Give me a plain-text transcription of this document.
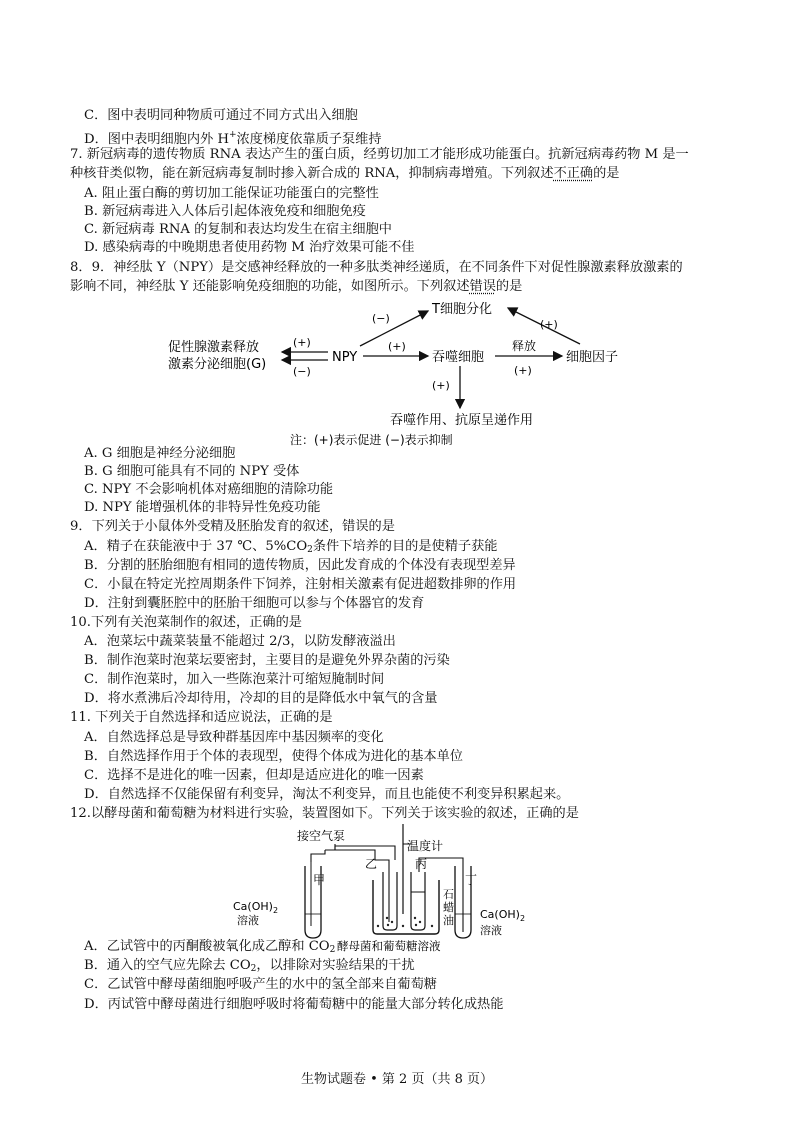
C．图中表明同种物质可通过不同方式出入细胞
D．图中表明细胞内外 H+浓度梯度依靠质子泵维持
7. 新冠病毒的遗传物质 RNA 表达产生的蛋白质，经剪切加工才能形成功能蛋白。抗新冠病毒药物 M 是一
种核苷类似物，能在新冠病毒复制时掺入新合成的 RNA，抑制病毒增殖。下列叙述不正确的是
A. 阻止蛋白酶的剪切加工能保证功能蛋白的完整性
B. 新冠病毒进入人体后引起体液免疫和细胞免疫
C. 新冠病毒 RNA 的复制和表达均发生在宿主细胞中
D. 感染病毒的中晚期患者使用药物 M 治疗效果可能不佳
8．9．神经肽 Y（NPY）是交感神经释放的一种多肽类神经递质，在不同条件下对促性腺激素释放激素的
影响不同，神经肽 Y 还能影响免疫细胞的功能，如图所示。下列叙述错误的是
促性腺激素释放
激素分泌细胞(G)	NPY
(+)
(−)
T细胞分化
(−)
吞噬细胞
(+)
细胞因子
释放
(+)
(+)
(+)
吞噬作用、抗原呈递作用
注：(+)表示促进 (−)表示抑制
A. G 细胞是神经分泌细胞
B. G 细胞可能具有不同的 NPY 受体
C. NPY 不会影响机体对癌细胞的清除功能
D. NPY 能增强机体的非特异性免疫功能
9．下列关于小鼠体外受精及胚胎发育的叙述，错误的是
A．精子在获能液中于 37 ℃、$5\%CO_2$条件下培养的目的是使精子获能
B．分割的胚胎细胞有相同的遗传物质，因此发育成的个体没有表现型差异
C．小鼠在特定光控周期条件下饲养，注射相关激素有促进超数排卵的作用
D．注射到囊胚腔中的胚胎干细胞可以参与个体器官的发育
10.下列有关泡菜制作的叙述，正确的是
A．泡菜坛中蔬菜装量不能超过 2/3，以防发酵液溢出
B．制作泡菜时泡菜坛要密封，主要目的是避免外界杂菌的污染
C．制作泡菜时，加入一些陈泡菜汁可缩短腌制时间
D．将水煮沸后冷却待用，冷却的目的是降低水中氧气的含量
11. 下列关于自然选择和适应说法，正确的是
A．自然选择总是导致种群基因库中基因频率的变化
B．自然选择作用于个体的表现型，使得个体成为进化的基本单位
C．选择不是进化的唯一因素，但却是适应进化的唯一因素
D．自然选择不仅能保留有利变异，淘汰不利变异，而且也能使不利变异积累起来。
12.以酵母菌和葡萄糖为材料进行实验，装置图如下。下列关于该实验的叙述，正确的是
接空气泵
温度计
甲
乙	丙
丁
石
蜡
油
$Ca(OH)_2$
溶液	$Ca(OH)_2$
溶液
酵母菌和葡萄糖溶液
A．乙试管中的丙酮酸被氧化成乙醇和 $CO_2$
B．通入的空气应先除去 $CO_2$，以排除对实验结果的干扰
C．乙试管中酵母菌细胞呼吸产生的水中的氢全部来自葡萄糖
D．丙试管中酵母菌进行细胞呼吸时将葡萄糖中的能量大部分转化成热能
生物试题卷 • 第 2 页（共 8 页）
